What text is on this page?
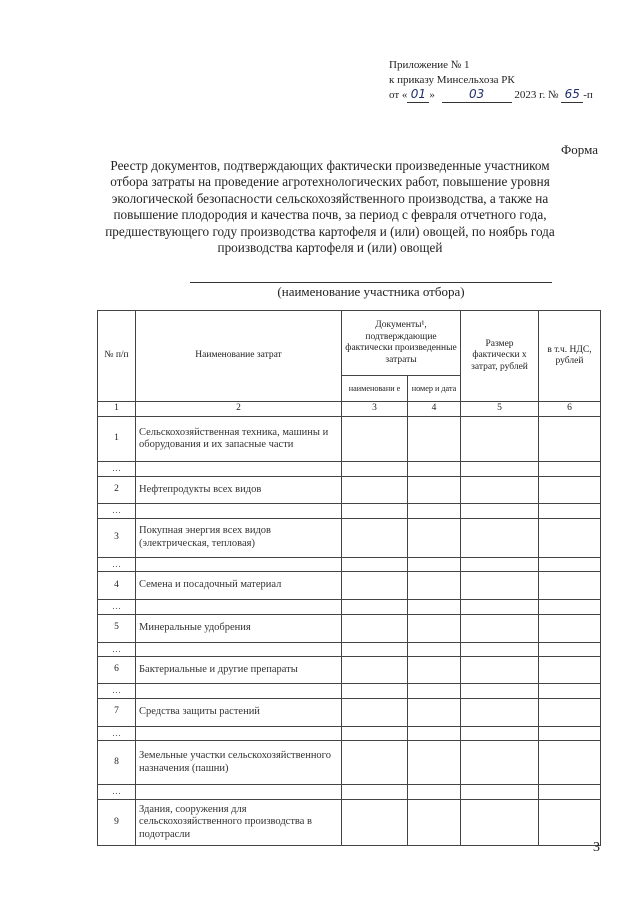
Приложение № 1
к приказу Минсельхоза РК
от « 01 »	03	2023 г. № 65 -п
Форма
Реестр документов, подтверждающих фактически произведенные участником отбора затраты на проведение агротехнологических работ, повышение уровня экологической безопасности сельскохозяйственного производства, а также на повышение плодородия и качества почв, за период с февраля отчетного года, предшествующего году производства картофеля и (или) овощей, по ноябрь года производства картофеля и (или) овощей
(наименование участника отбора)
№ п/п	Наименование затрат	Документы¹, подтверждающие фактически произведенные затраты		Размер фактически х затрат, рублей	в т.ч. НДС, рублей
		наименовани е	номер и дата		
1	2	3	4	5	6
1	Сельскохозяйственная техника, машины и оборудования и их запасные части				
…					
2	Нефтепродукты всех видов				
…					
3	Покупная энергия всех видов (электрическая, тепловая)				
…					
4	Семена и посадочный материал				
…					
5	Минеральные удобрения				
…					
6	Бактериальные и другие препараты				
…					
7	Средства защиты растений				
…					
8	Земельные участки сельскохозяйственного назначения (пашни)				
…					
9	Здания, сооружения для сельскохозяйственного производства в подотрасли				
3
